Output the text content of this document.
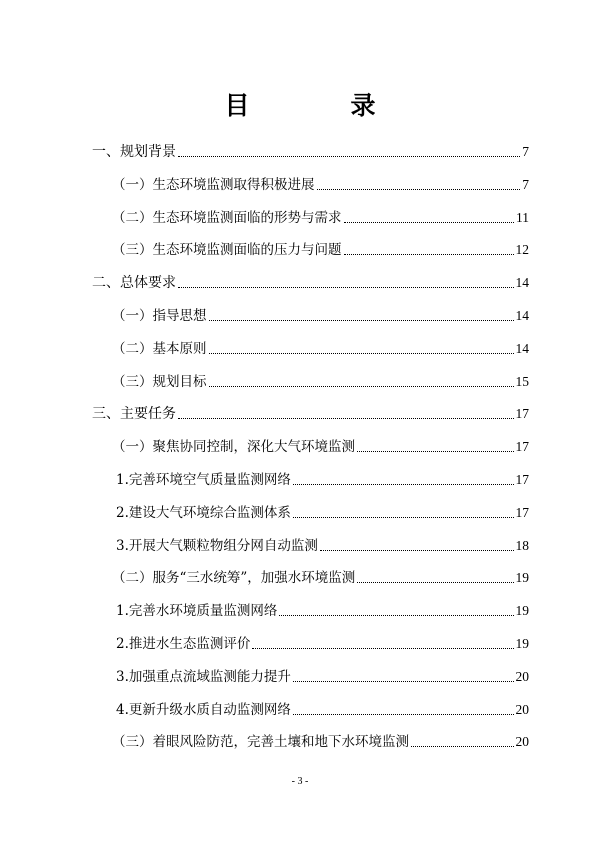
目　录
一、规划背景	7
（一）生态环境监测取得积极进展	7
（二）生态环境监测面临的形势与需求	11
（三）生态环境监测面临的压力与问题	12
二、总体要求	14
（一）指导思想	14
（二）基本原则	14
（三）规划目标	15
三、主要任务	17
（一）聚焦协同控制，深化大气环境监测	17
1.完善环境空气质量监测网络	17
2.建设大气环境综合监测体系	17
3.开展大气颗粒物组分网自动监测	18
（二）服务“三水统筹”，加强水环境监测	19
1.完善水环境质量监测网络	19
2.推进水生态监测评价	19
3.加强重点流域监测能力提升	20
4.更新升级水质自动监测网络	20
（三）着眼风险防范，完善土壤和地下水环境监测	20
- 3 -
